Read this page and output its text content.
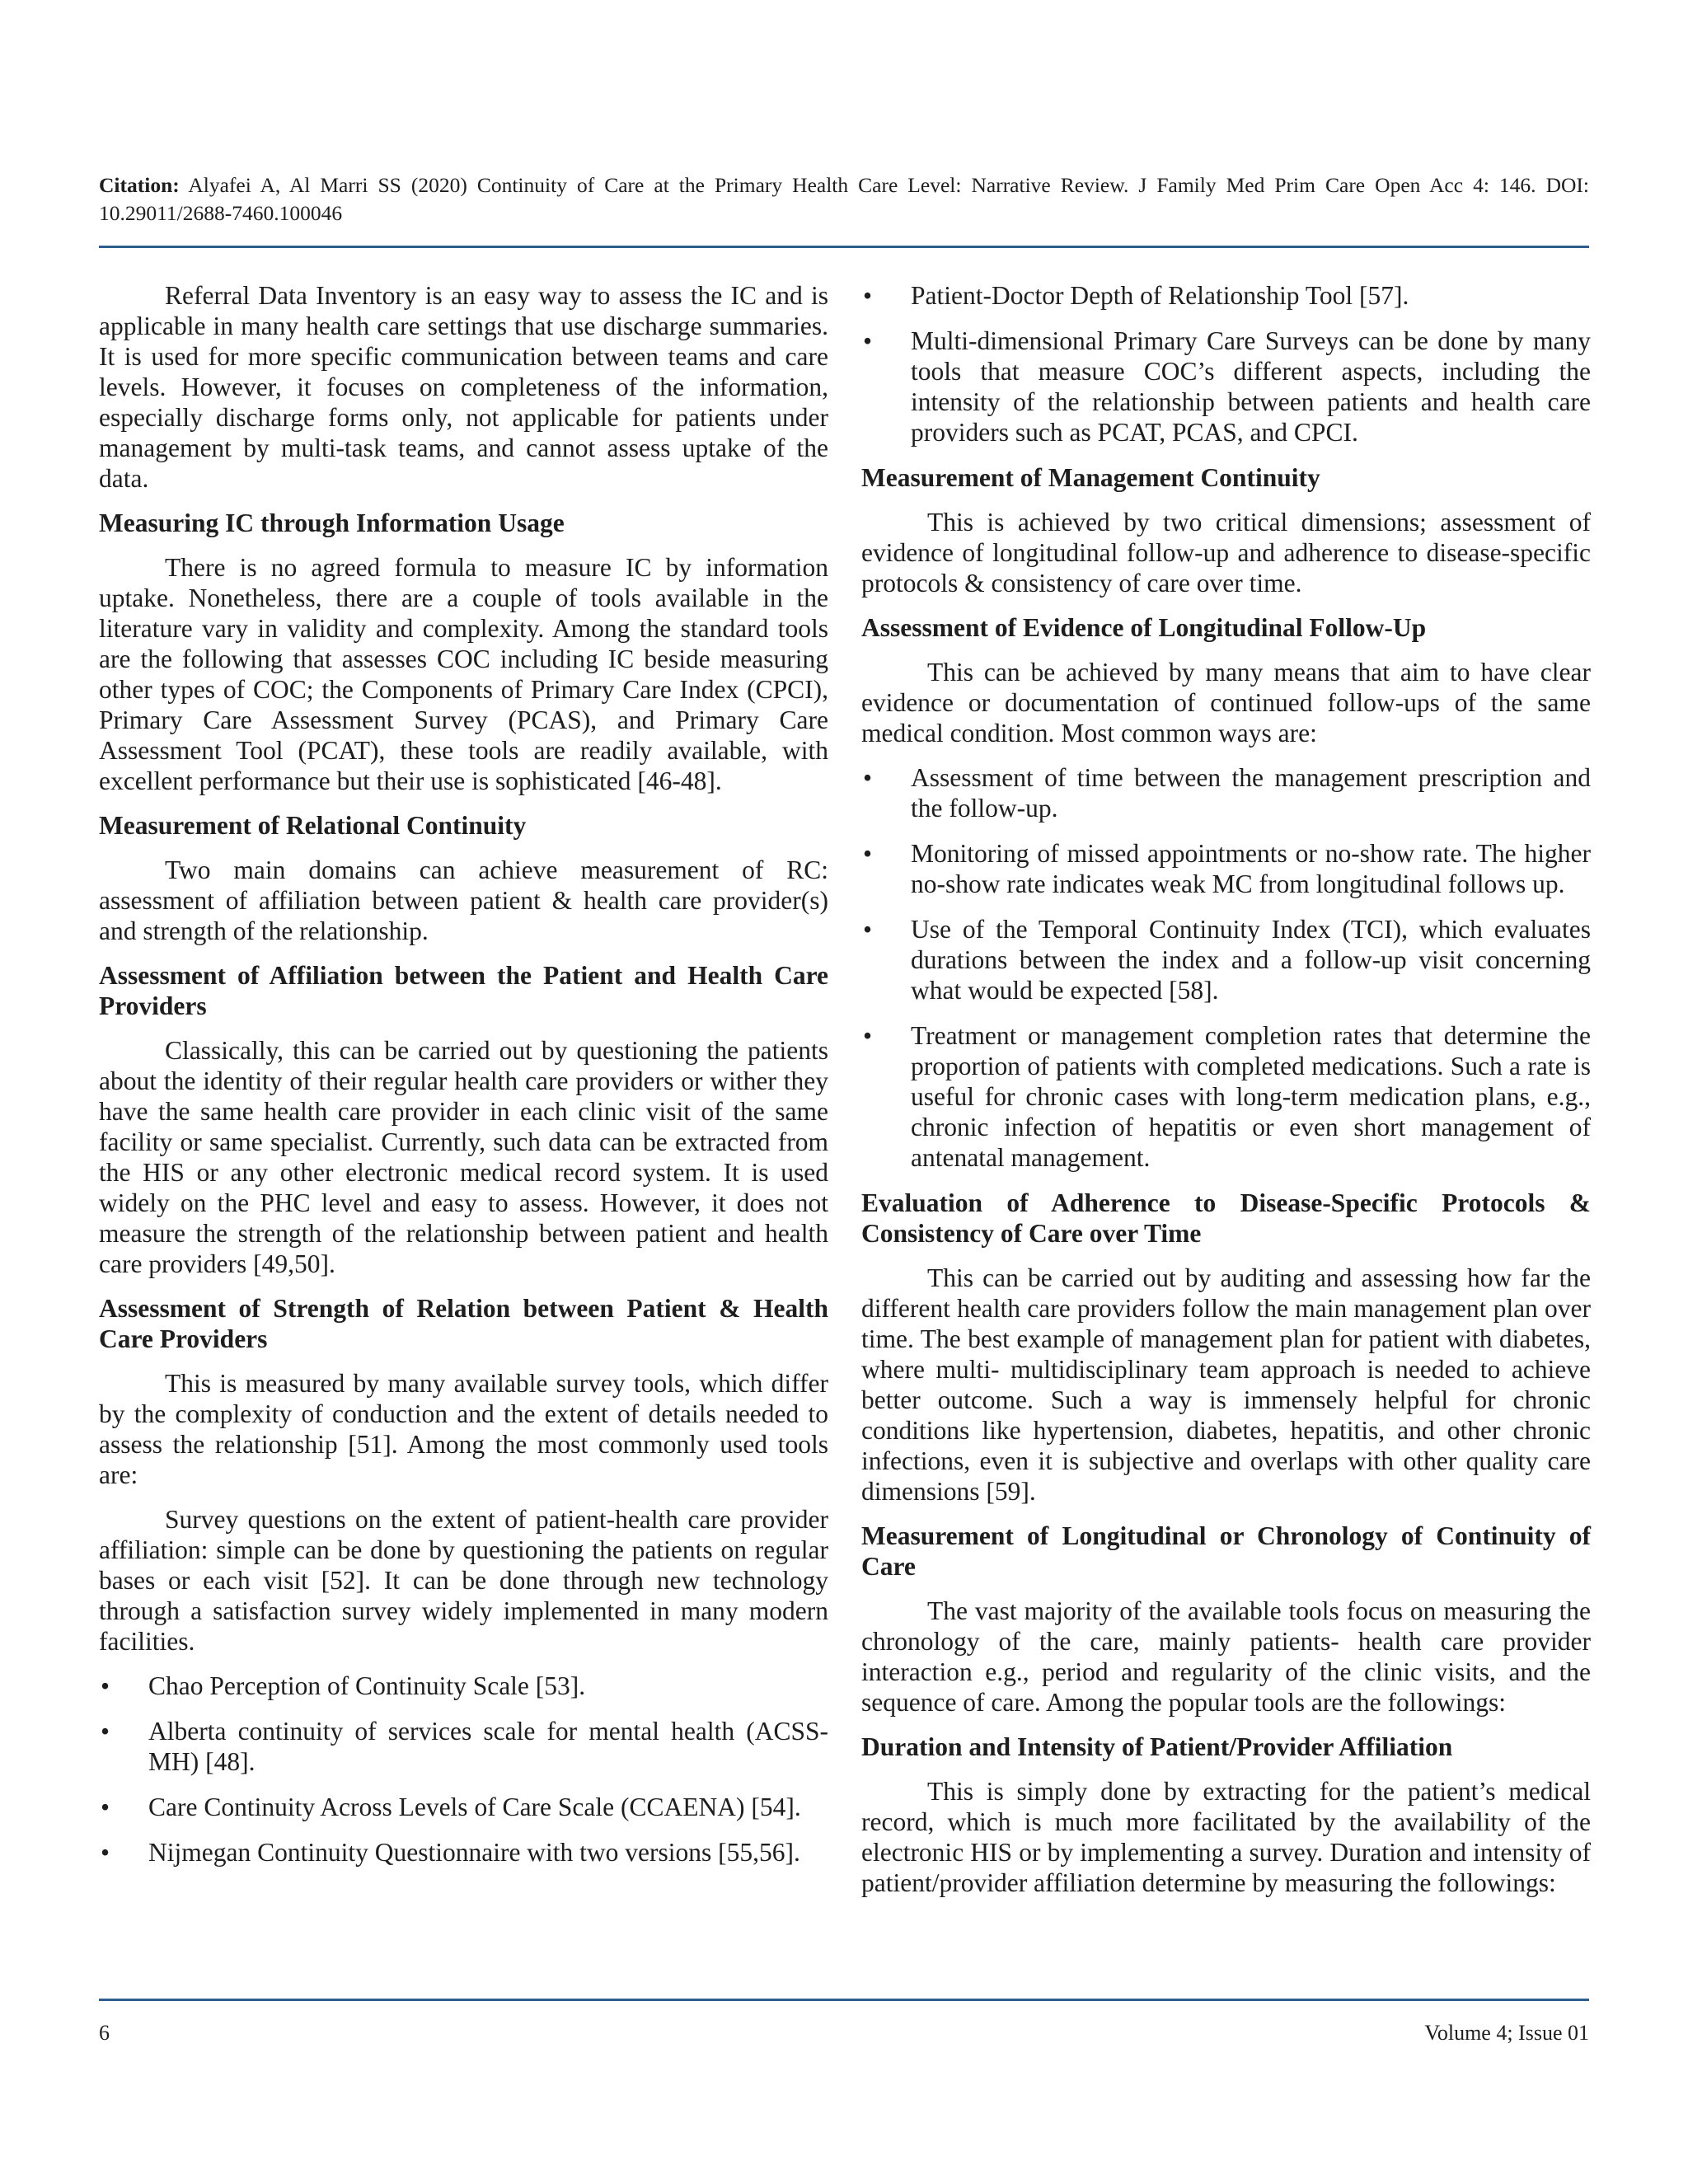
Citation: Alyafei A, Al Marri SS (2020) Continuity of Care at the Primary Health Care Level: Narrative Review. J Family Med Prim Care Open Acc 4: 146. DOI: 10.29011/2688-7460.100046

Referral Data Inventory is an easy way to assess the IC and is applicable in many health care settings that use discharge summaries. It is used for more specific communication between teams and care levels. However, it focuses on completeness of the information, especially discharge forms only, not applicable for patients under management by multi-task teams, and cannot assess uptake of the data.

Measuring IC through Information Usage

There is no agreed formula to measure IC by information uptake. Nonetheless, there are a couple of tools available in the literature vary in validity and complexity. Among the standard tools are the following that assesses COC including IC beside measuring other types of COC; the Components of Primary Care Index (CPCI), Primary Care Assessment Survey (PCAS), and Primary Care Assessment Tool (PCAT), these tools are readily available, with excellent performance but their use is sophisticated [46-48].

Measurement of Relational Continuity

Two main domains can achieve measurement of RC: assessment of affiliation between patient & health care provider(s) and strength of the relationship.

Assessment of Affiliation between the Patient and Health Care Providers

Classically, this can be carried out by questioning the patients about the identity of their regular health care providers or wither they have the same health care provider in each clinic visit of the same facility or same specialist. Currently, such data can be extracted from the HIS or any other electronic medical record system. It is used widely on the PHC level and easy to assess. However, it does not measure the strength of the relationship between patient and health care providers [49,50].

Assessment of Strength of Relation between Patient & Health Care Providers

This is measured by many available survey tools, which differ by the complexity of conduction and the extent of details needed to assess the relationship [51]. Among the most commonly used tools are:

Survey questions on the extent of patient-health care provider affiliation: simple can be done by questioning the patients on regular bases or each visit [52]. It can be done through new technology through a satisfaction survey widely implemented in many modern facilities.

• Chao Perception of Continuity Scale [53].
• Alberta continuity of services scale for mental health (ACSS-MH) [48].
• Care Continuity Across Levels of Care Scale (CCAENA) [54].
• Nijmegan Continuity Questionnaire with two versions [55,56].
• Patient-Doctor Depth of Relationship Tool [57].
• Multi-dimensional Primary Care Surveys can be done by many tools that measure COC’s different aspects, including the intensity of the relationship between patients and health care providers such as PCAT, PCAS, and CPCI.

Measurement of Management Continuity

This is achieved by two critical dimensions; assessment of evidence of longitudinal follow-up and adherence to disease-specific protocols & consistency of care over time.

Assessment of Evidence of Longitudinal Follow-Up

This can be achieved by many means that aim to have clear evidence or documentation of continued follow-ups of the same medical condition. Most common ways are:

• Assessment of time between the management prescription and the follow-up.
• Monitoring of missed appointments or no-show rate. The higher no-show rate indicates weak MC from longitudinal follows up.
• Use of the Temporal Continuity Index (TCI), which evaluates durations between the index and a follow-up visit concerning what would be expected [58].
• Treatment or management completion rates that determine the proportion of patients with completed medications. Such a rate is useful for chronic cases with long-term medication plans, e.g., chronic infection of hepatitis or even short management of antenatal management.

Evaluation of Adherence to Disease-Specific Protocols & Consistency of Care over Time

This can be carried out by auditing and assessing how far the different health care providers follow the main management plan over time. The best example of management plan for patient with diabetes, where multi- multidisciplinary team approach is needed to achieve better outcome. Such a way is immensely helpful for chronic conditions like hypertension, diabetes, hepatitis, and other chronic infections, even it is subjective and overlaps with other quality care dimensions [59].

Measurement of Longitudinal or Chronology of Continuity of Care

The vast majority of the available tools focus on measuring the chronology of the care, mainly patients- health care provider interaction e.g., period and regularity of the clinic visits, and the sequence of care. Among the popular tools are the followings:

Duration and Intensity of Patient/Provider Affiliation

This is simply done by extracting for the patient’s medical record, which is much more facilitated by the availability of the electronic HIS or by implementing a survey. Duration and intensity of patient/provider affiliation determine by measuring the followings:

6	Volume 4; Issue 01
